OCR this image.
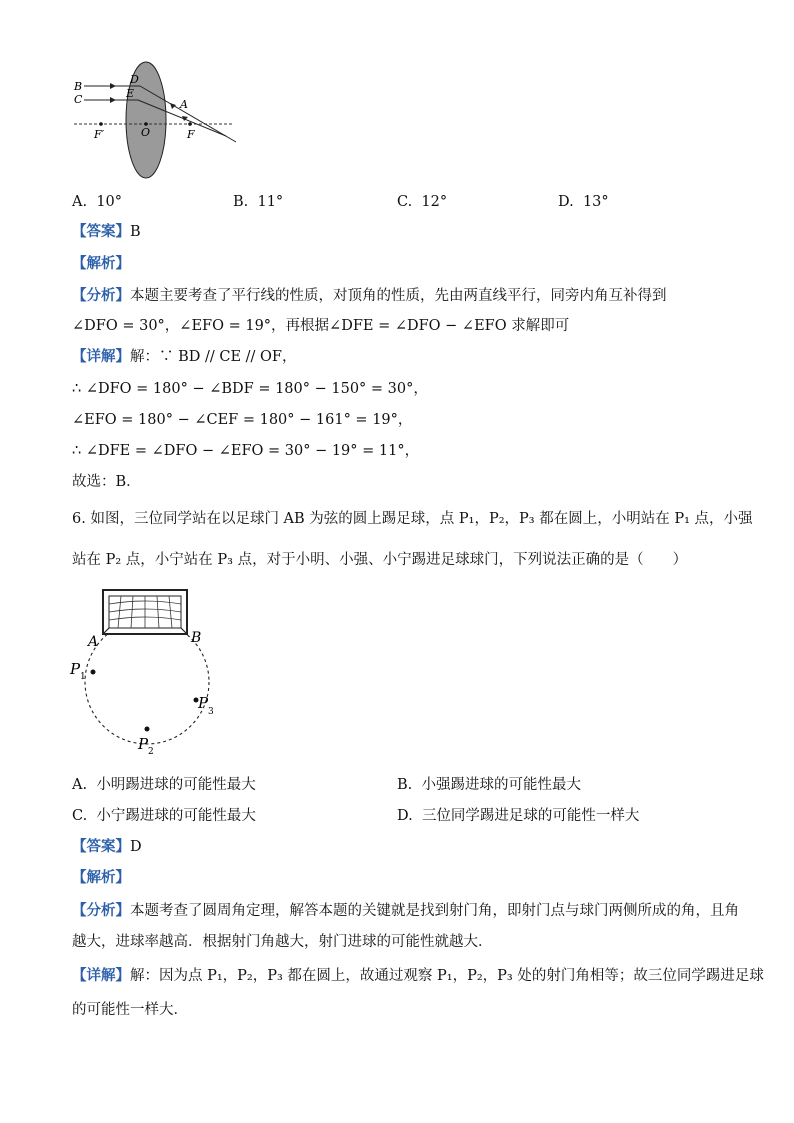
B
C
D
E
A
O	F
F′
A. 10°	B. 11°	C. 12°	D. 13°
【答案】B
【解析】
【分析】本题主要考查了平行线的性质，对顶角的性质，先由两直线平行，同旁内角互补得到
∠DFO = 30°，∠EFO = 19°，再根据∠DFE = ∠DFO − ∠EFO 求解即可
【详解】解：∵ BD // CE // OF，
∴ ∠DFO = 180° − ∠BDF = 180° − 150° = 30°，
∠EFO = 180° − ∠CEF = 180° − 161° = 19°，
∴ ∠DFE = ∠DFO − ∠EFO = 30° − 19° = 11°，
故选：B．
6. 如图，三位同学站在以足球门 AB 为弦的圆上踢足球，点 P₁，P₂，P₃ 都在圆上，小明站在 P₁ 点，小强
站在 P₂ 点，小宁站在 P₃ 点，对于小明、小强、小宁踢进足球球门，下列说法正确的是（　　）
A	B
P 1
P 2
P 3
A. 小明踢进球的可能性最大	B. 小强踢进球的可能性最大
C. 小宁踢进球的可能性最大	D. 三位同学踢进足球的可能性一样大
【答案】D
【解析】
【分析】本题考查了圆周角定理，解答本题的关键就是找到射门角，即射门点与球门两侧所成的角，且角
越大，进球率越高．根据射门角越大，射门进球的可能性就越大．
【详解】解：因为点 P₁，P₂，P₃ 都在圆上，故通过观察 P₁，P₂，P₃ 处的射门角相等；故三位同学踢进足球
的可能性一样大．
